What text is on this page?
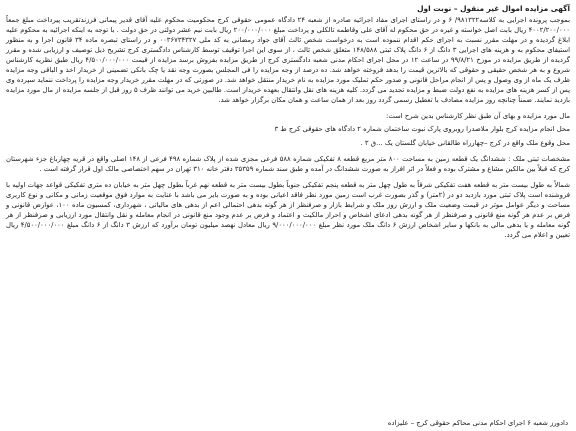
آگهی مزایده اموال غیر منقول – نوبت اول

بموجب پرونده اجرایی به کلاسه۹۸۱۳۲۲/ ۶ و در راستای اجرای مفاد اجرائیه صادره از شعبه ۲۴ دادگاه عمومی حقوقی کرج محکومیت محکوم علیه آقای قدیر پیمانی فرزندتقریب پیرداخت مبلغ جمعاً ۴۰۰۲/۲۰۰/۰۰۰ ریال بابت اصل خواسته و غیره در حق محکوم له آقای علی وقاطمه تالکلی و پرداخت مبلغ ۲۰۰/۰۰۰/۰۰۰ ریال بابت نیم عشر دولتی در حق دولت . با توجه به اینکه اجرائیه به محکوم علیه ابلاغ گردیده و در مهلت مقرر نسبت به اجرای حکم اقدام ننموده است به درخواست شخص ثالث آقای جواد رمضانی به کد ملی ۰۰۳۶۷۳۴۳۲۷ و در راستای تبصره ماده ۳۴ قانون اجرا و به منظور استیفای محکوم به و هزینه های اجرایی ۳ دانگ از ۶ دانگ پلاک ثبتی ۱۴۸/۵۸۸ متعلق شخص ثالث ، از سوی این اجرا توقیف توسط کارشناس دادگستری کرج تشریح ذیل توصیف و ارزیابی شده و مقرر گردیده از طریق مزایده در موزخ ۹۹/۸/۲۱ در ساعت ۱۲ در محل اجرای احکام مدنی شعبه دادگستری کرج از طریق مزایده بفروش برسد مزایده از قیمت ۴/۵۰۰/۰۰۰/۰۰۰ ریال طبق نظریه کارشناس شروع و به هر شخص حقیقی و حقوقی که بالاترین قیمت را بدهد فروخته خواهد شد. ده درصد از وجه مزایده را فی المجلس بصورت وجه نقد یا چک بانکی تضمینی از خریدار اخذ و الباقی وجه مزایده ظرف یک ماه از وی وصول و پس از انجام مراحل قانونی و صدور حکم تملیک مورد مزایده به نام خریدار منتقل خواهد شد. در صورتی که در مهلت مقرر خریدار وجه مزایده را پرداخت ننماید سپرده وی پس از کسر هزینه های مزایده به نفع دولت ضبط و مزایده تجدید می گردد. کلیه هزینه های نقل وانتقال بعهده خریدار است. طالبین خرید می توانند ظرف ۵ روز قبل از جلسه مزایده از مال مورد مزایده بازدید نمایند. ضمناً چنانچه روز مزایده مصادف با تعطیل رسمی گردد روز بعد از همان ساعت و همان مکان برگزار خواهد شد.

مال مورد مزایده و بهای آن طبق نظر کارشناس بدین شرح است:

محل انجام مزایده کرج بلوار ملاصدرا روبروی پارک نبوت ساختمان شماره ۲ دادگاه های حقوقی کرج ط ۳

محل وقوع ملک واقع در کرج –چهارراه طالقانی خیابان گلستان یک ...ق ۳ .

مشخصات ثبتی ملک : ششدانگ یک قطعه زمین به مساحت ۸۰۰ متر مربع قطعه ۸ تفکیکی شماره ۵۸۸ فرعی مجزی شده از پلاک شماره ۴۹۸ فرعی از ۱۴۸ اصلی واقع در قریه چهارباغ جزء شهرستان کرج که قبلاً بین مالکین مشاع و مشترک بوده و فعلاً در اثر افراز به صورت ششدانگ در آمده و طبق سند شماره ۳۵۳۵۹ دفتر خانه ۳۱۰ تهران در سهم اختصاصی مالک اول قرار گرفته است .

شمالاً به طول بیست متر به قطعه هفت تفکیکی شرقاً به طول چهل متر به قطعه پنجم تفکیکی جنوباً بطول بیست متر به قطعه نهم غرباً بطول چهل متر به خیابان ده متری تفکیکی قواعد جهات اولیه با فروشنده است پلاک ثبتی مورد بازدید دو در (۲متر) و گذر بصورت غرب است زمین مورد نظر فاقد اعیانی بوده و به صورت بایر می باشد با عنایت به موارد فوق موقعیت زمانی و مکانی و نوع کاربری مساحت و دیگر عوامل موثر در قیمت وضعیت ملک و ارزش روز ملک و شرایط بازار و صرفنظر از هر گونه بدهی احتمالی اعم از بدهی های مالیاتی ، شهرداری، کمسیون ماده ۱۰۰، عوارض قانونی و فرض بر عدم هر گونه منع قانونی و صرفنظر از هر گونه بدهی ادعای اشخاص و احراز مالکیت و اعتماد و فرض بر عدم وجود منع قانونی در انجام معامله و نقل وانتقال مورد ارزیابی و صرفنظر از هر گونه معامله و یا بدهی مالی به بانکها و سایر اشخاص ارزش ۶ دانگ ملک مورد نظر مبلغ ۹/۰۰۰/۰۰۰/۰۰۰ ریال معادل نهصد میلیون تومان برآورد که ارزش ۳ دانگ از ۶ دانگ مبلغ ۴/۵۰۰/۰۰۰/۰۰۰ ریال تعیین و اعلام می گردد.

دادورز شعبه ۶ اجرای احکام مدنی محاکم حقوقی کرج – علیزاده
